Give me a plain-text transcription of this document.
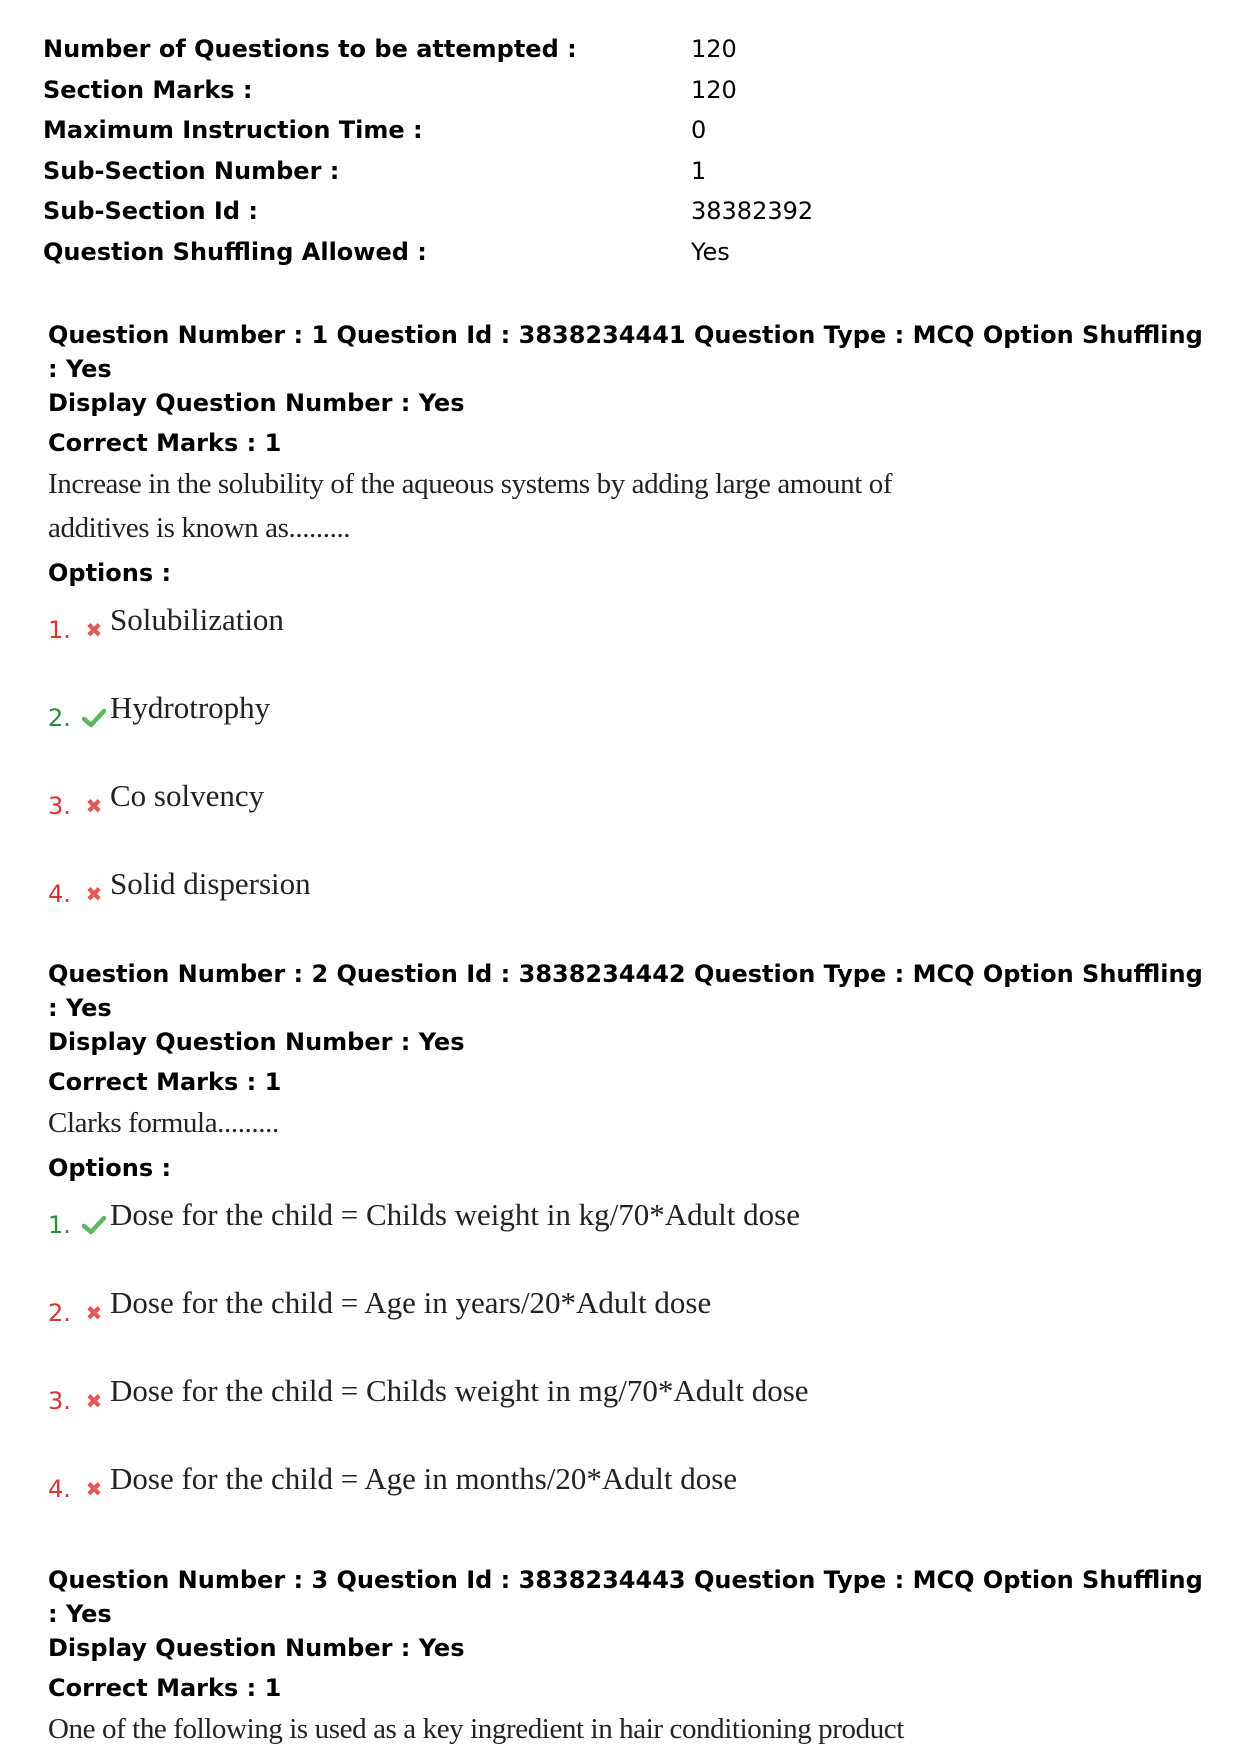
Number of Questions to be attempted :	120
Section Marks :	120
Maximum Instruction Time :	0
Sub-Section Number :	1
Sub-Section Id :	38382392
Question Shuffling Allowed :	Yes
Question Number : 1 Question Id : 3838234441 Question Type : MCQ Option Shuffling : Yes
Display Question Number : Yes
Correct Marks : 1
Increase in the solubility of the aqueous systems by adding large amount of additives is known as.........
Options :
1. ✖ Solubilization
2. Hydrotrophy
3. ✖ Co solvency
4. ✖ Solid dispersion
Question Number : 2 Question Id : 3838234442 Question Type : MCQ Option Shuffling : Yes
Display Question Number : Yes
Correct Marks : 1
Clarks formula.........
Options :
1. Dose for the child = Childs weight in kg/70*Adult dose
2. ✖ Dose for the child = Age in years/20*Adult dose
3. ✖ Dose for the child = Childs weight in mg/70*Adult dose
4. ✖ Dose for the child = Age in months/20*Adult dose
Question Number : 3 Question Id : 3838234443 Question Type : MCQ Option Shuffling : Yes
Display Question Number : Yes
Correct Marks : 1
One of the following is used as a key ingredient in hair conditioning product
